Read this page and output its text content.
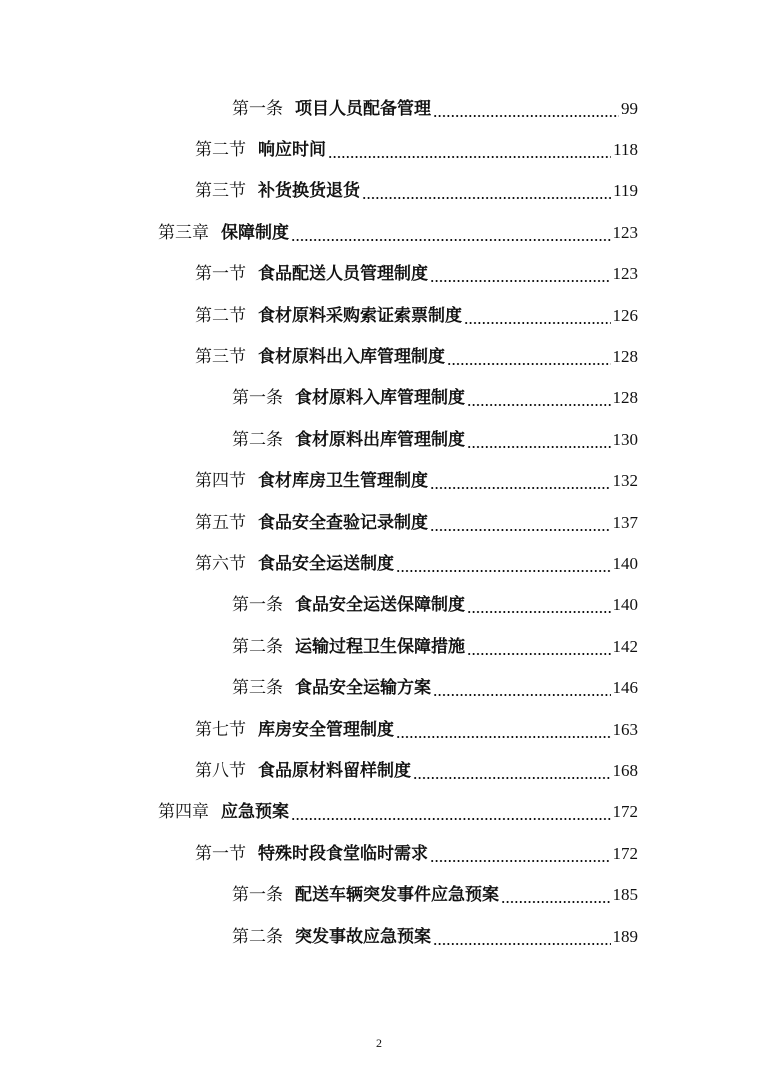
第一条 项目人员配备管理	99
第二节 响应时间	118
第三节 补货换货退货	119
第三章 保障制度	123
第一节 食品配送人员管理制度	123
第二节 食材原料采购索证索票制度	126
第三节 食材原料出入库管理制度	128
第一条 食材原料入库管理制度	128
第二条 食材原料出库管理制度	130
第四节 食材库房卫生管理制度	132
第五节 食品安全查验记录制度	137
第六节 食品安全运送制度	140
第一条 食品安全运送保障制度	140
第二条 运输过程卫生保障措施	142
第三条 食品安全运输方案	146
第七节 库房安全管理制度	163
第八节 食品原材料留样制度	168
第四章 应急预案	172
第一节 特殊时段食堂临时需求	172
第一条 配送车辆突发事件应急预案	185
第二条 突发事故应急预案	189
2
